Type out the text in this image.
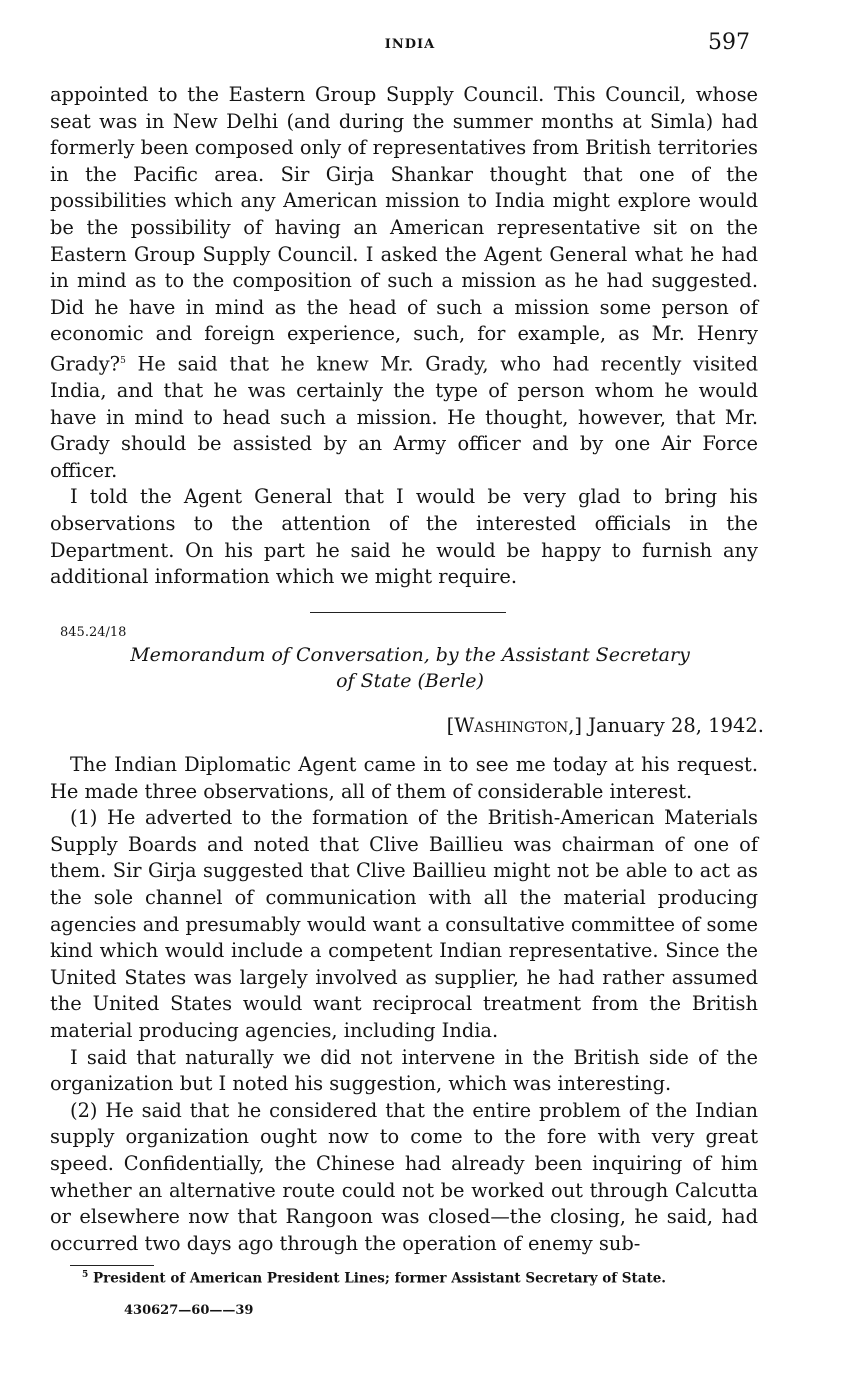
INDIA	597

appointed to the Eastern Group Supply Council. This Council, whose seat was in New Delhi (and during the summer months at Simla) had formerly been composed only of representatives from British territories in the Pacific area. Sir Girja Shankar thought that one of the possibilities which any American mission to India might explore would be the possibility of having an American representative sit on the Eastern Group Supply Council. I asked the Agent General what he had in mind as to the composition of such a mission as he had suggested. Did he have in mind as the head of such a mission some person of economic and foreign experience, such, for example, as Mr. Henry Grady?$^5$ He said that he knew Mr. Grady, who had recently visited India, and that he was certainly the type of person whom he would have in mind to head such a mission. He thought, however, that Mr. Grady should be assisted by an Army officer and by one Air Force officer.

I told the Agent General that I would be very glad to bring his observations to the attention of the interested officials in the Department. On his part he said he would be happy to furnish any additional information which we might require.

845.24/18
Memorandum of Conversation, by the Assistant Secretary
of State (Berle)
[Washington,] January 28, 1942.

The Indian Diplomatic Agent came in to see me today at his request. He made three observations, all of them of considerable interest.

(1) He adverted to the formation of the British-American Materials Supply Boards and noted that Clive Baillieu was chairman of one of them. Sir Girja suggested that Clive Baillieu might not be able to act as the sole channel of communication with all the material producing agencies and presumably would want a consultative committee of some kind which would include a competent Indian representative. Since the United States was largely involved as supplier, he had rather assumed the United States would want reciprocal treatment from the British material producing agencies, including India.

I said that naturally we did not intervene in the British side of the organization but I noted his suggestion, which was interesting.

(2) He said that he considered that the entire problem of the Indian supply organization ought now to come to the fore with very great speed. Confidentially, the Chinese had already been inquiring of him whether an alternative route could not be worked out through Calcutta or elsewhere now that Rangoon was closed—the closing, he said, had occurred two days ago through the operation of enemy sub-

$^5$ President of American President Lines; former Assistant Secretary of State.
430627—60——39
